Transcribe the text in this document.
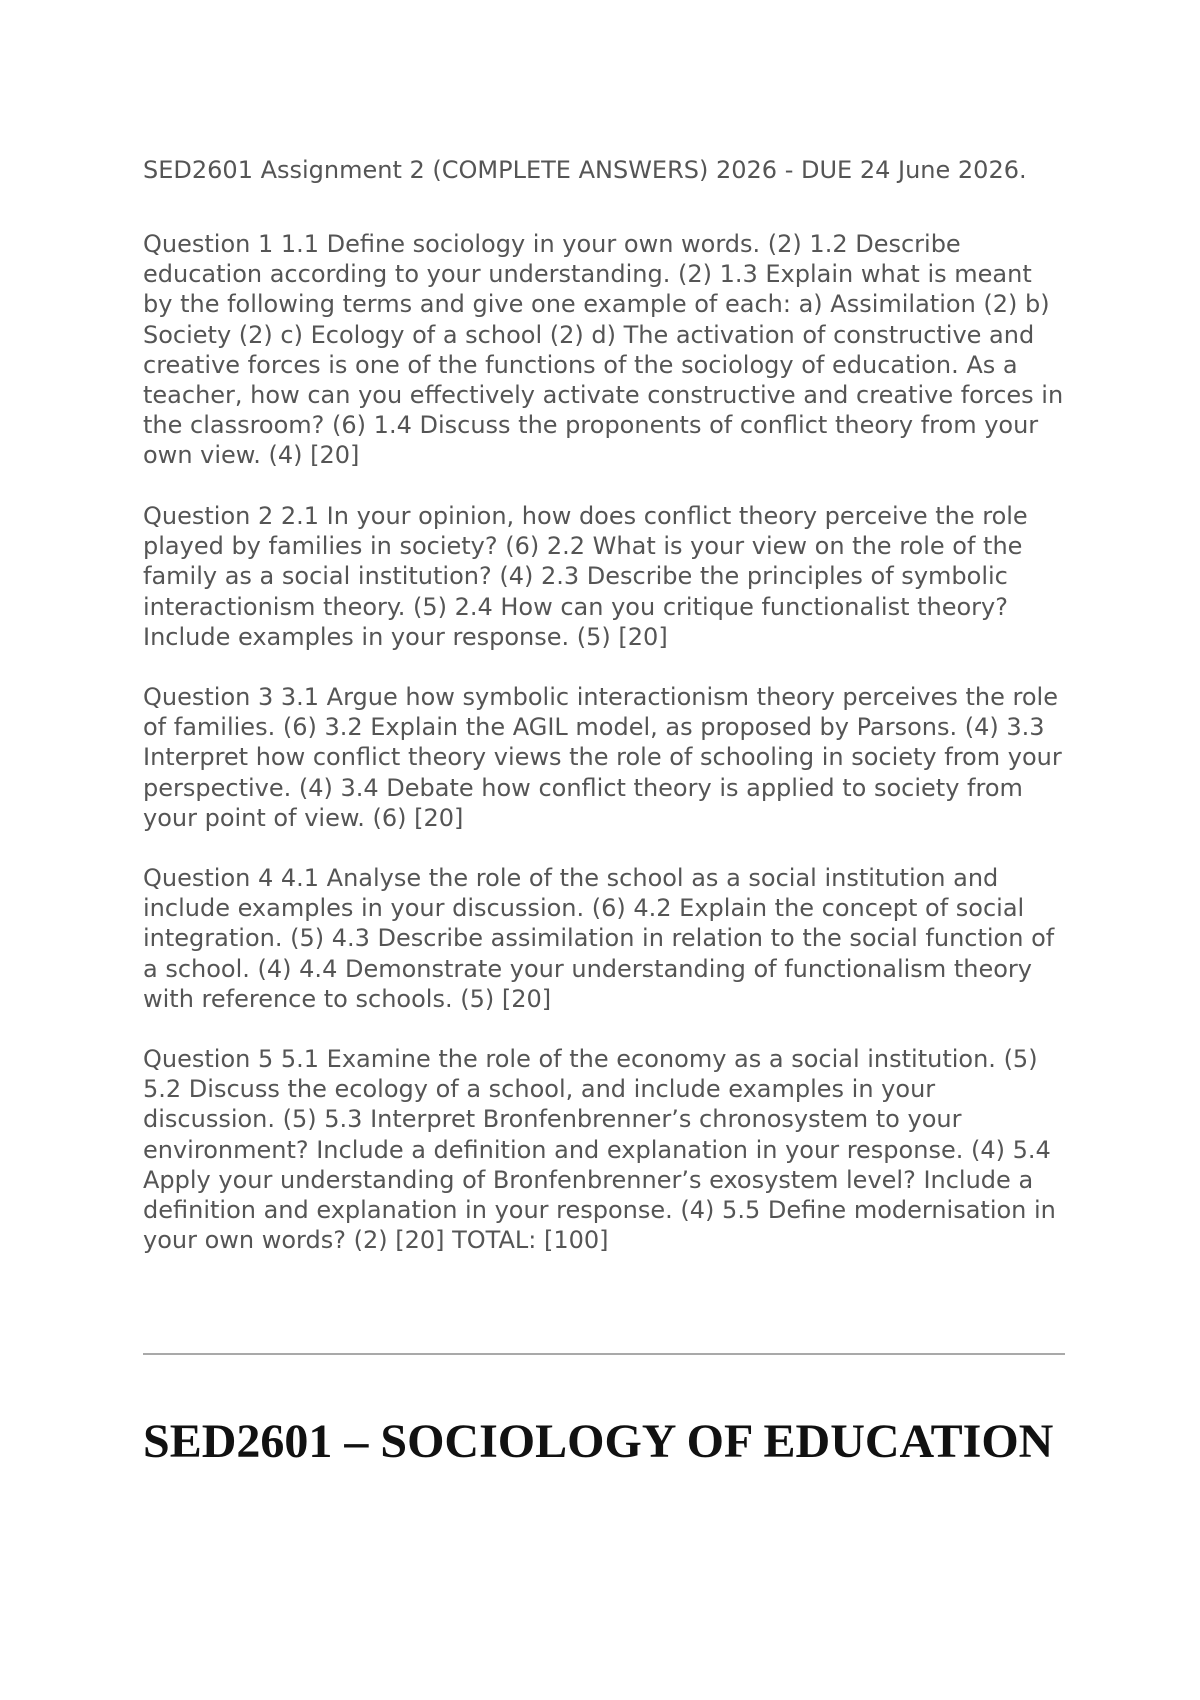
SED2601 Assignment 2 (COMPLETE ANSWERS) 2026 - DUE 24 June 2026.

Question 1 1.1 Define sociology in your own words. (2) 1.2 Describe education according to your understanding. (2) 1.3 Explain what is meant by the following terms and give one example of each: a) Assimilation (2) b) Society (2) c) Ecology of a school (2) d) The activation of constructive and creative forces is one of the functions of the sociology of education. As a teacher, how can you effectively activate constructive and creative forces in the classroom? (6) 1.4 Discuss the proponents of conflict theory from your own view. (4) [20]

Question 2 2.1 In your opinion, how does conflict theory perceive the role played by families in society? (6) 2.2 What is your view on the role of the family as a social institution? (4) 2.3 Describe the principles of symbolic interactionism theory. (5) 2.4 How can you critique functionalist theory? Include examples in your response. (5) [20]

Question 3 3.1 Argue how symbolic interactionism theory perceives the role of families. (6) 3.2 Explain the AGIL model, as proposed by Parsons. (4) 3.3 Interpret how conflict theory views the role of schooling in society from your perspective. (4) 3.4 Debate how conflict theory is applied to society from your point of view. (6) [20]

Question 4 4.1 Analyse the role of the school as a social institution and include examples in your discussion. (6) 4.2 Explain the concept of social integration. (5) 4.3 Describe assimilation in relation to the social function of a school. (4) 4.4 Demonstrate your understanding of functionalism theory with reference to schools. (5) [20]

Question 5 5.1 Examine the role of the economy as a social institution. (5) 5.2 Discuss the ecology of a school, and include examples in your discussion. (5) 5.3 Interpret Bronfenbrenner’s chronosystem to your environment? Include a definition and explanation in your response. (4) 5.4 Apply your understanding of Bronfenbrenner’s exosystem level? Include a definition and explanation in your response. (4) 5.5 Define modernisation in your own words? (2) [20] TOTAL: [100]

SED2601 – SOCIOLOGY OF EDUCATION
